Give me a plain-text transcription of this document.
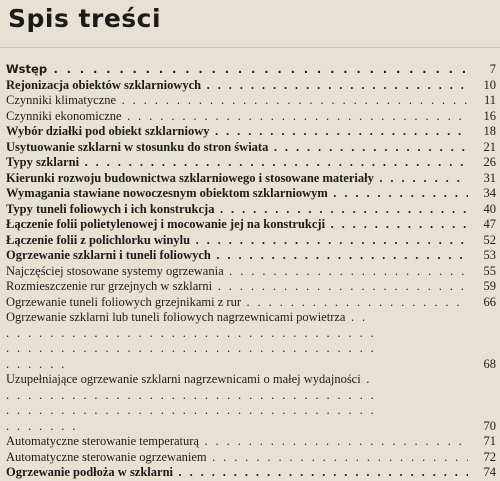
Spis treści
Wstęp . . .	7
Rejonizacja obiektów szklarniowych . . .	10
Czynniki klimatyczne . . .	11
Czynniki ekonomiczne . . .	16
Wybór działki pod obiekt szklarniowy . . .	18
Usytuowanie szklarni w stosunku do stron świata . . .	21
Typy szklarni . . .	26
Kierunki rozwoju budownictwa szklarniowego i stosowane materiały . . .	31
Wymagania stawiane nowoczesnym obiektom szklarniowym . . .	34
Typy tuneli foliowych i ich konstrukcja . . .	40
Łączenie folii polietylenowej i mocowanie jej na konstrukcji . . .	47
Łączenie folii z polichlorku winylu . . .	52
Ogrzewanie szklarni i tuneli foliowych . . .	53
Najczęściej stosowane systemy ogrzewania . . .	55
Rozmieszczenie rur grzejnych w szklarni . . .	59
Ogrzewanie tuneli foliowych grzejnikami z rur . . .	66
Ogrzewanie szklarni lub tuneli foliowych nagrzewnicami powietrza . . .
68
Uzupełniające ogrzewanie szklarni nagrzewnicami o małej wydajności . . .
70
Automatyczne sterowanie temperaturą . . .	71
Automatyczne sterowanie ogrzewaniem . . .	72
Ogrzewanie podłoża w szklarni . . .	74
